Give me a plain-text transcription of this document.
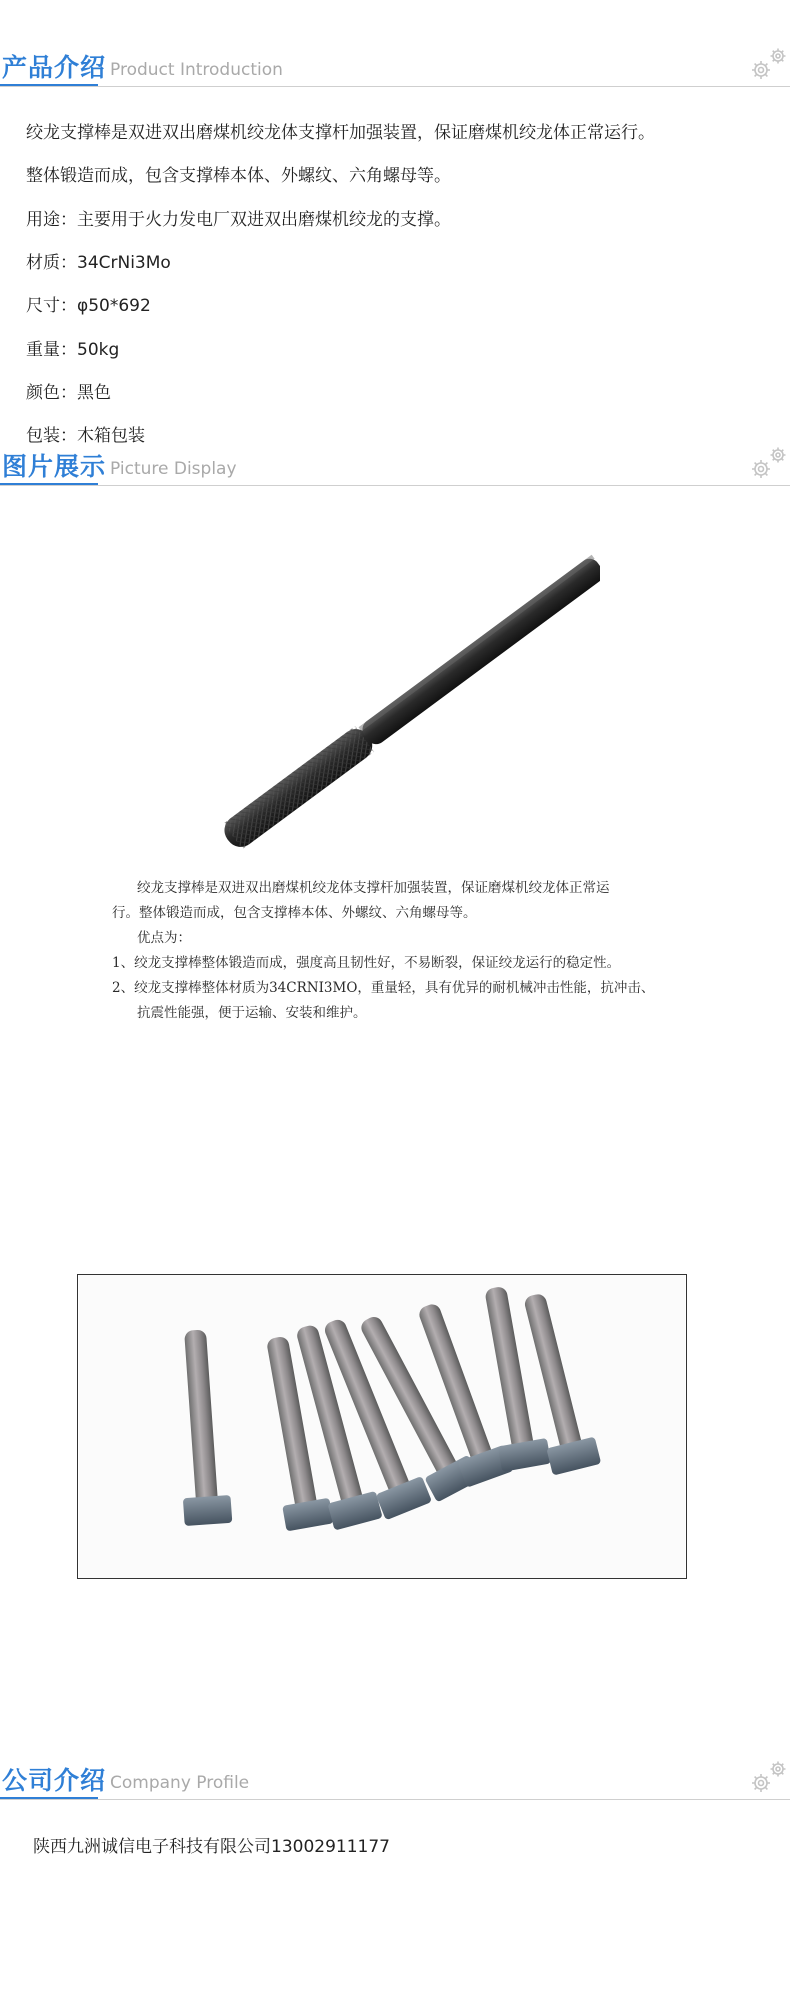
产品介绍 Product Introduction
绞龙支撑棒是双进双出磨煤机绞龙体支撑杆加强装置，保证磨煤机绞龙体正常运行。
整体锻造而成，包含支撑棒本体、外螺纹、六角螺母等。
用途：主要用于火力发电厂双进双出磨煤机绞龙的支撑。
材质：34CrNi3Mo
尺寸：φ50*692
重量：50kg
颜色：黑色
包装：木箱包装
图片展示 Picture Display
绞龙支撑棒是双进双出磨煤机绞龙体支撑杆加强装置，保证磨煤机绞龙体正常运
行。整体锻造而成，包含支撑棒本体、外螺纹、六角螺母等。
优点为：
1、绞龙支撑棒整体锻造而成，强度高且韧性好，不易断裂，保证绞龙运行的稳定性。
2、绞龙支撑棒整体材质为34CRNI3MO，重量轻，具有优异的耐机械冲击性能，抗冲击、
抗震性能强，便于运输、安装和维护。
公司介绍 Company Profile
陕西九洲诚信电子科技有限公司13002911177
